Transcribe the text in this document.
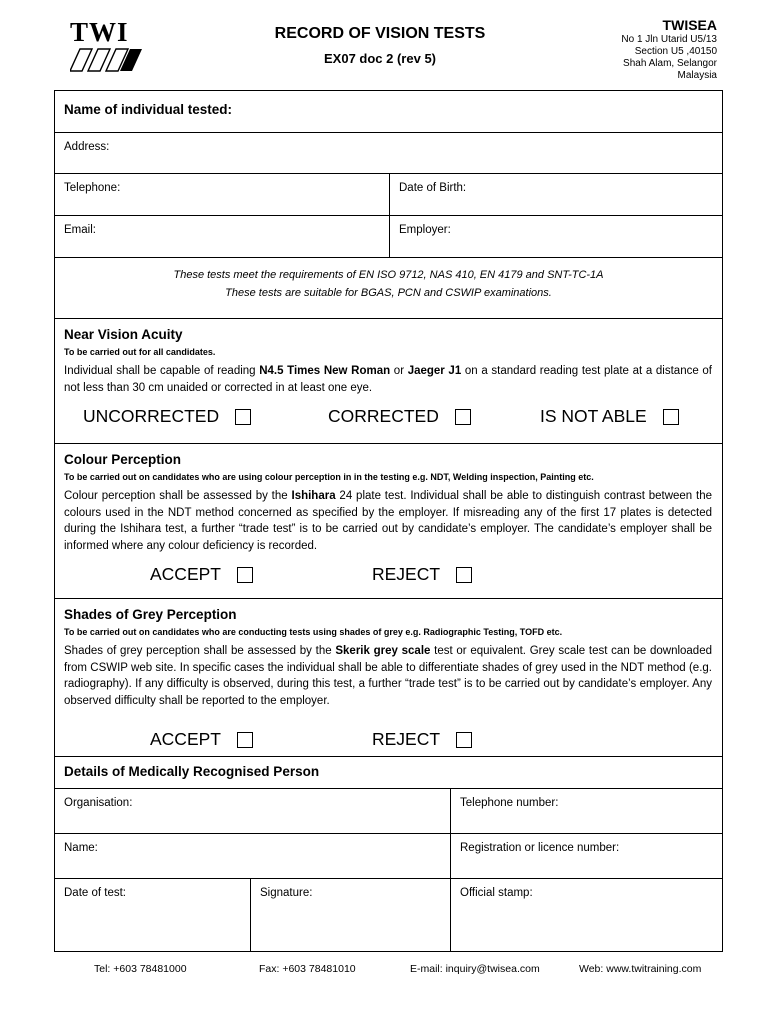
TWI	RECORD OF VISION TESTS
EX07 doc 2 (rev 5)
TWISEA
No 1 Jln Utarid U5/13
Section U5 ,40150
Shah Alam, Selangor
Malaysia
Name of individual tested:
Address:
Telephone:	Date of Birth:
Email:	Employer:
These tests meet the requirements of EN ISO 9712, NAS 410, EN 4179 and SNT-TC-1A
These tests are suitable for BGAS, PCN and CSWIP examinations.
Near Vision Acuity
To be carried out for all candidates.
Individual shall be capable of reading N4.5 Times New Roman or Jaeger J1 on a standard reading test plate at a distance of not less than 30 cm unaided or corrected in at least one eye.
UNCORRECTED	CORRECTED	IS NOT ABLE
Colour Perception
To be carried out on candidates who are using colour perception in in the testing e.g. NDT, Welding inspection, Painting etc.
Colour perception shall be assessed by the Ishihara 24 plate test. Individual shall be able to distinguish contrast between the colours used in the NDT method concerned as specified by the employer. If misreading any of the first 17 plates is detected during the Ishihara test, a further “trade test” is to be carried out by candidate’s employer. The candidate’s employer shall be informed where any colour deficiency is recorded.
ACCEPT	REJECT
Shades of Grey Perception
To be carried out on candidates who are conducting tests using shades of grey e.g. Radiographic Testing, TOFD etc.
Shades of grey perception shall be assessed by the Skerik grey scale test or equivalent. Grey scale test can be downloaded from CSWIP web site. In specific cases the individual shall be able to differentiate shades of grey used in the NDT method (e.g. radiography). If any difficulty is observed, during this test, a further “trade test” is to be carried out by candidate’s employer. Any observed difficulty shall be reported to the employer.
ACCEPT	REJECT
Details of Medically Recognised Person
Organisation:	Telephone number:
Name:	Registration or licence number:
Date of test:	Signature:	Official stamp:
Tel: +603 78481000	Fax: +603 78481010	E-mail: inquiry@twisea.com	Web: www.twitraining.com
